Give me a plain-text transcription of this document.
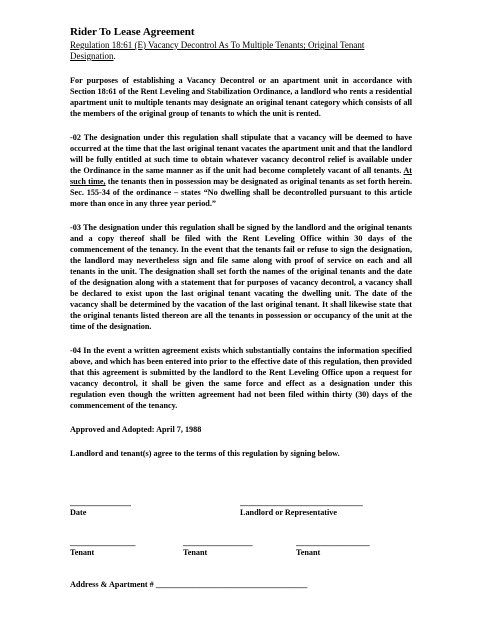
Rider To Lease Agreement

Regulation 18:61 (E) Vacancy Decontrol As To Multiple Tenants; Original Tenant
Designation.

For purposes of establishing a Vacancy Decontrol or an apartment unit in accordance with Section 18:61 of the Rent Leveling and Stabilization Ordinance, a landlord who rents a residential apartment unit to multiple tenants may designate an original tenant category which consists of all the members of the original group of tenants to which the unit is rented.

-02 The designation under this regulation shall stipulate that a vacancy will be deemed to have occurred at the time that the last original tenant vacates the apartment unit and that the landlord will be fully entitled at such time to obtain whatever vacancy decontrol relief is available under the Ordinance in the same manner as if the unit had become completely vacant of all tenants. At such time, the tenants then in possession may be designated as original tenants as set forth herein. Sec. 155-34 of the ordinance – states “No dwelling shall be decontrolled pursuant to this article more than once in any three year period.”

-03 The designation under this regulation shall be signed by the landlord and the original tenants and a copy thereof shall be filed with the Rent Leveling Office within 30 days of the commencement of the tenancy. In the event that the tenants fail or refuse to sign the designation, the landlord may nevertheless sign and file same along with proof of service on each and all tenants in the unit. The designation shall set forth the names of the original tenants and the date of the designation along with a statement that for purposes of vacancy decontrol, a vacancy shall be declared to exist upon the last original tenant vacating the dwelling unit. The date of the vacancy shall be determined by the vacation of the last original tenant. It shall likewise state that the original tenants listed thereon are all the tenants in possession or occupancy of the unit at the time of the designation.

-04 In the event a written agreement exists which substantially contains the information specified above, and which has been entered into prior to the effective date of this regulation, then provided that this agreement is submitted by the landlord to the Rent Leveling Office upon a request for vacancy decontrol, it shall be given the same force and effect as a designation under this regulation even though the written agreement had not been filed within thirty (30) days of the commencement of the tenancy.

Approved and Adopted: April 7, 1988

Landlord and tenant(s) agree to the terms of this regulation by signing below.

_______________
Date
______________________________
Landlord or Representative
________________
Tenant
_________________
Tenant
__________________
Tenant
Address & Apartment # _____________________________________
